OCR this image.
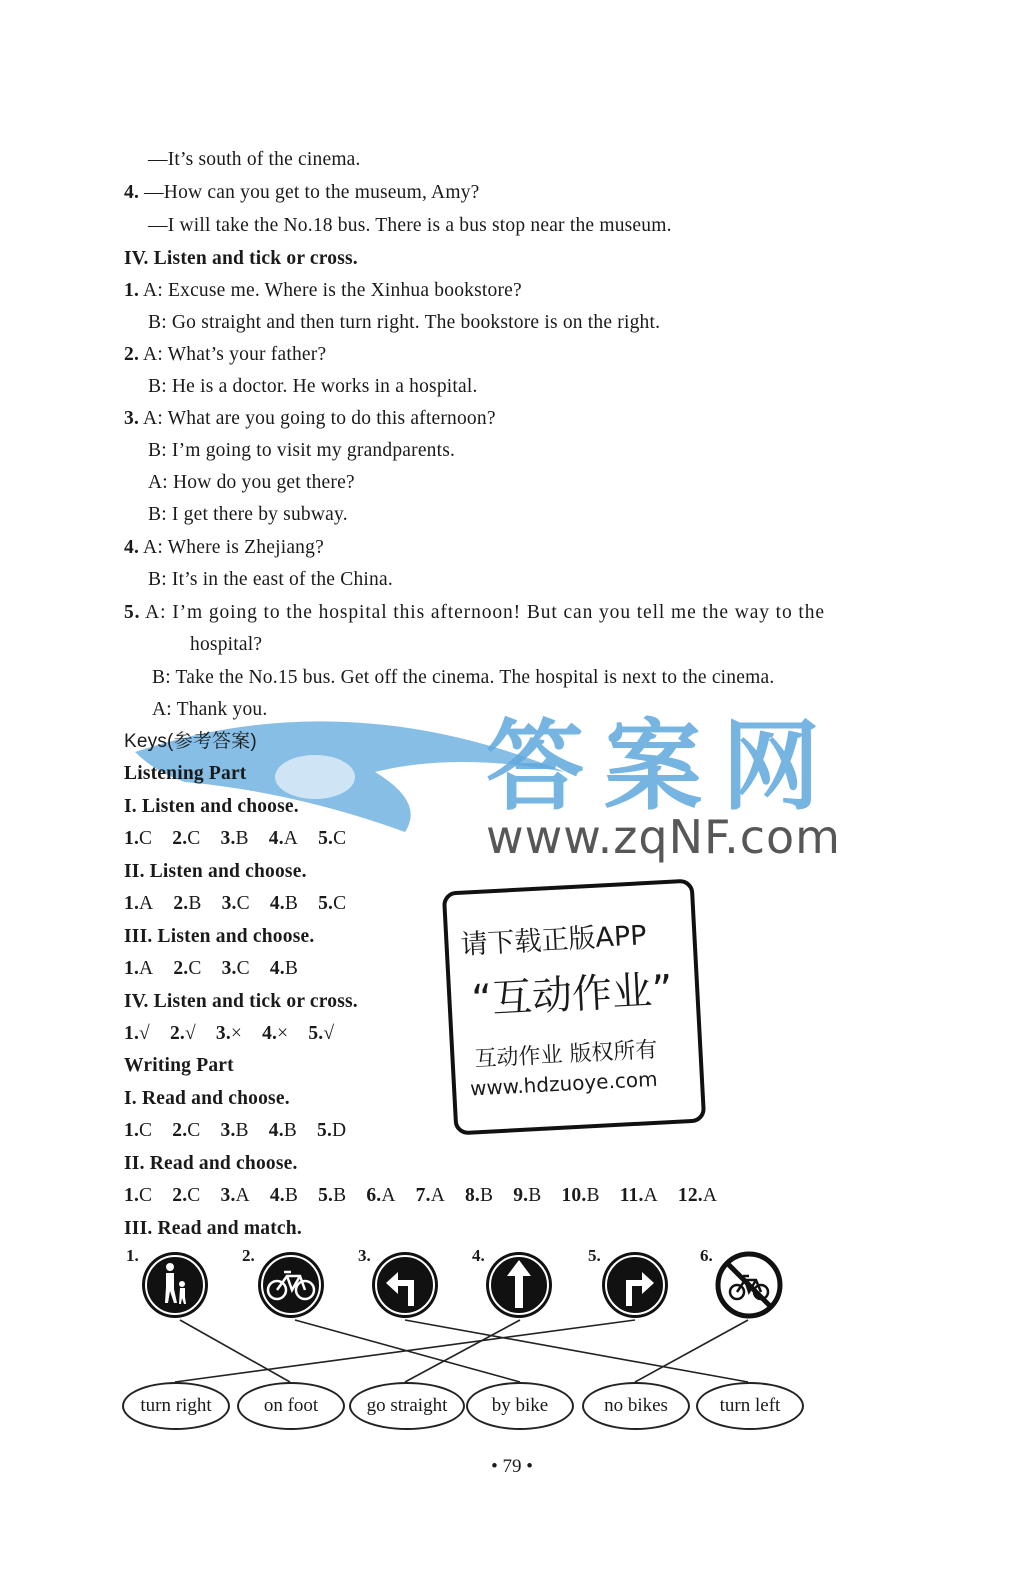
—It’s south of the cinema.
4. —How can you get to the museum, Amy?
—I will take the No.18 bus. There is a bus stop near the museum.
IV. Listen and tick or cross.
1. A: Excuse me. Where is the Xinhua bookstore?
B: Go straight and then turn right. The bookstore is on the right.
2. A: What’s your father?
B: He is a doctor. He works in a hospital.
3. A: What are you going to do this afternoon?
B: I’m going to visit my grandparents.
A: How do you get there?
B: I get there by subway.
4. A: Where is Zhejiang?
B: It’s in the east of the China.
5. A: I’m going to the hospital this afternoon! But can you tell me the way to the
hospital?
B: Take the No.15 bus. Get off the cinema. The hospital is next to the cinema.
A: Thank you.
答案网
www.zqNF.com
Keys(参考答案)
Listening Part
I. Listen and choose.
1.C 2.C 3.B 4.A 5.C
II. Listen and choose.
1.A 2.B 3.C 4.B 5.C
III. Listen and choose.
1.A 2.C 3.C 4.B
IV. Listen and tick or cross.
1.√ 2.√ 3.× 4.× 5.√
Writing Part
I. Read and choose.
1.C 2.C 3.B 4.B 5.D
II. Read and choose.
1.C 2.C 3.A 4.B 5.B 6.A 7.A 8.B 9.B 10.B 11.A 12.A
III. Read and match.
请下载正版APP
“互动作业”
互动作业 版权所有
www.hdzuoye.com
1.	2.	3.	4.	5.	6.
turn right	on foot	go straight by bike	no bikes	turn left
• 79 •
